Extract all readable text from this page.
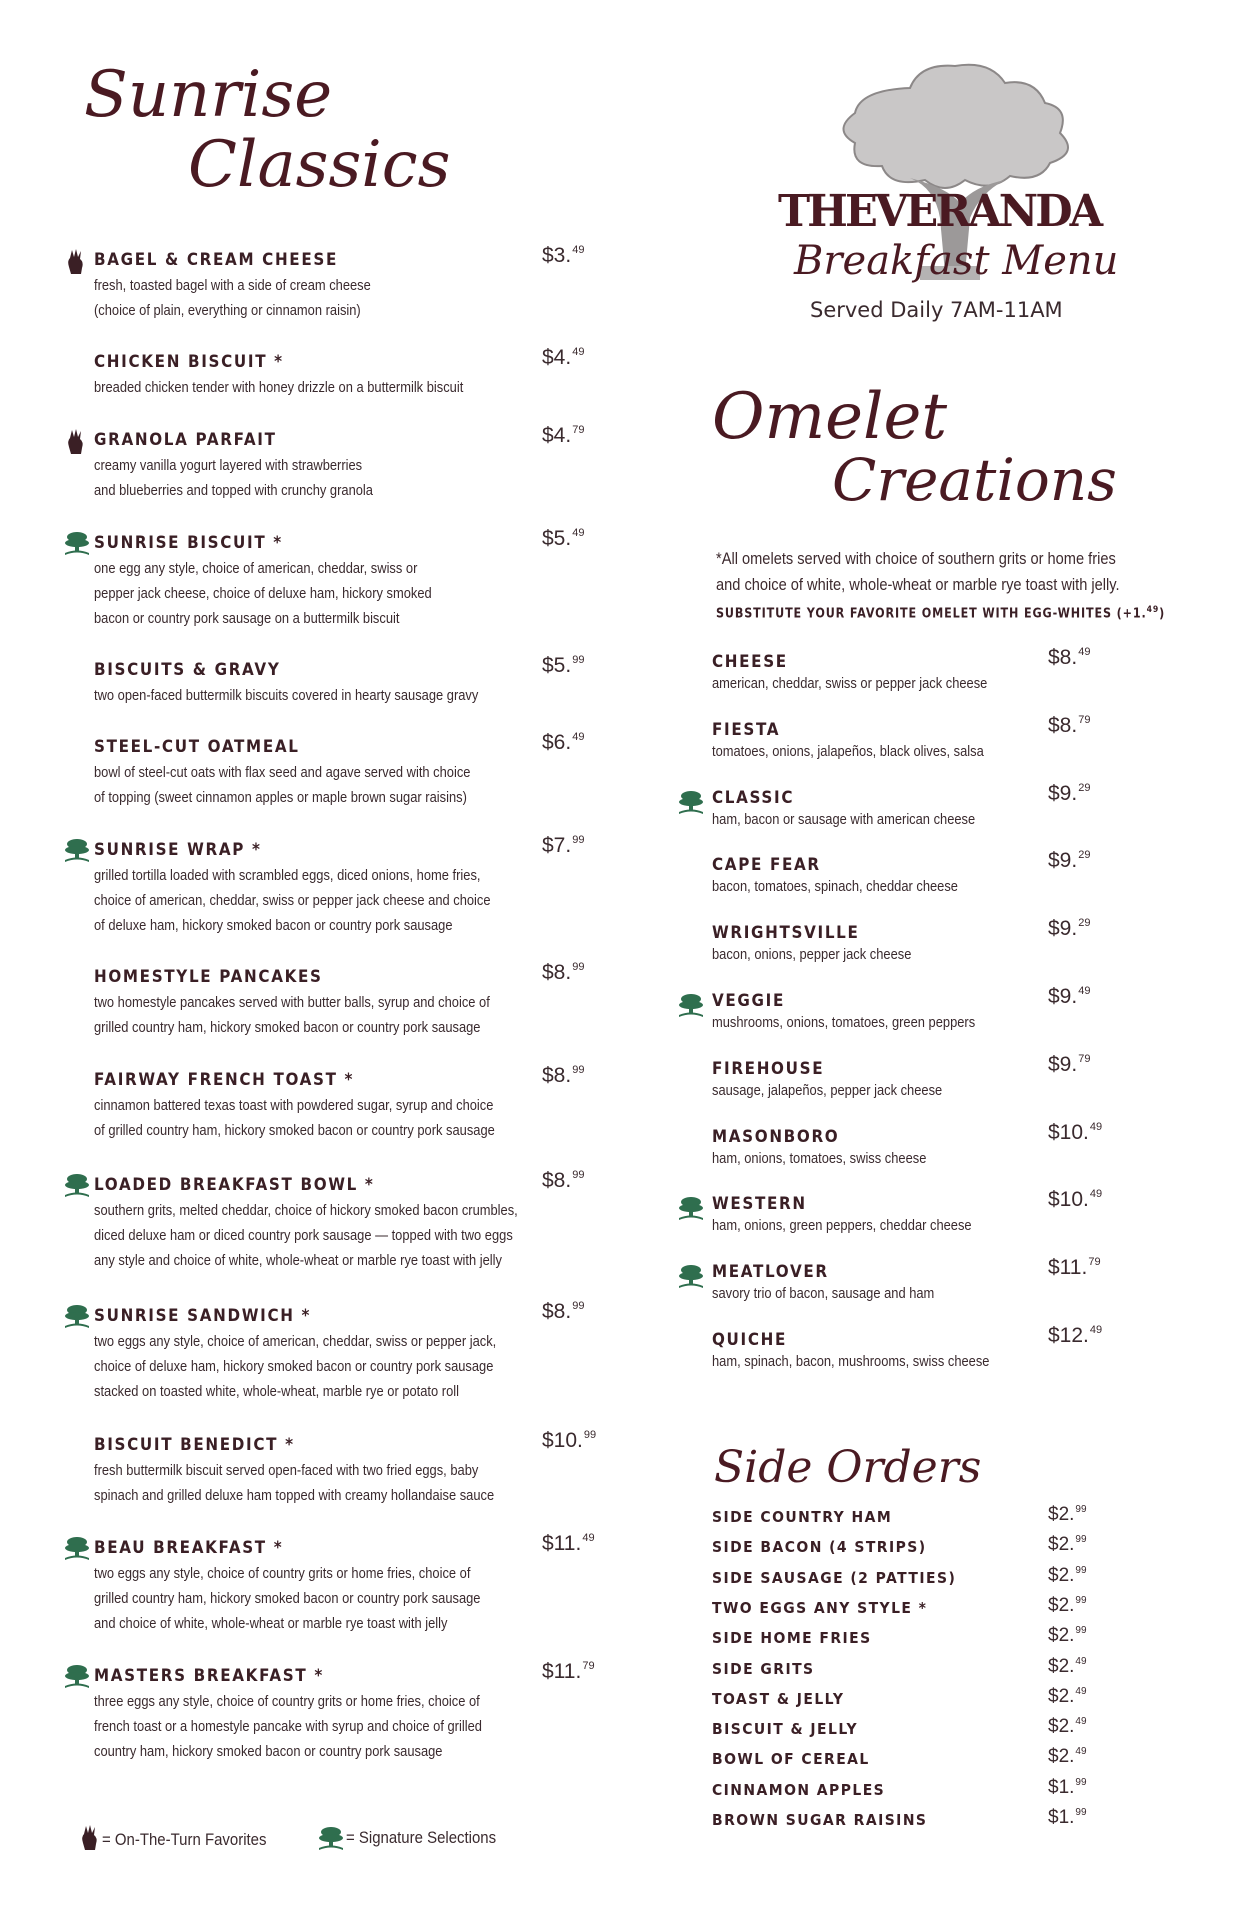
Sunrise
Classics
BAGEL & CREAM CHEESE
fresh, toasted bagel with a side of cream cheese
(choice of plain, everything or cinnamon raisin)
$3.49
CHICKEN BISCUIT *
breaded chicken tender with honey drizzle on a buttermilk biscuit
$4.49
GRANOLA PARFAIT
creamy vanilla yogurt layered with strawberries
and blueberries and topped with crunchy granola
$4.79
SUNRISE BISCUIT *
one egg any style, choice of american, cheddar, swiss or
pepper jack cheese, choice of deluxe ham, hickory smoked
bacon or country pork sausage on a buttermilk biscuit
$5.49
BISCUITS & GRAVY
two open-faced buttermilk biscuits covered in hearty sausage gravy
$5.99
STEEL-CUT OATMEAL
bowl of steel-cut oats with flax seed and agave served with choice
of topping (sweet cinnamon apples or maple brown sugar raisins)
$6.49
SUNRISE WRAP *
grilled tortilla loaded with scrambled eggs, diced onions, home fries,
choice of american, cheddar, swiss or pepper jack cheese and choice
of deluxe ham, hickory smoked bacon or country pork sausage
$7.99
HOMESTYLE PANCAKES
two homestyle pancakes served with butter balls, syrup and choice of
grilled country ham, hickory smoked bacon or country pork sausage
$8.99
FAIRWAY FRENCH TOAST *
cinnamon battered texas toast with powdered sugar, syrup and choice
of grilled country ham, hickory smoked bacon or country pork sausage
$8.99
LOADED BREAKFAST BOWL *
southern grits, melted cheddar, choice of hickory smoked bacon crumbles,
diced deluxe ham or diced country pork sausage — topped with two eggs
any style and choice of white, whole-wheat or marble rye toast with jelly
$8.99
SUNRISE SANDWICH *
two eggs any style, choice of american, cheddar, swiss or pepper jack,
choice of deluxe ham, hickory smoked bacon or country pork sausage
stacked on toasted white, whole-wheat, marble rye or potato roll
$8.99
BISCUIT BENEDICT *
fresh buttermilk biscuit served open-faced with two fried eggs, baby
spinach and grilled deluxe ham topped with creamy hollandaise sauce
$10.99
BEAU BREAKFAST *
two eggs any style, choice of country grits or home fries, choice of
grilled country ham, hickory smoked bacon or country pork sausage
and choice of white, whole-wheat or marble rye toast with jelly
$11.49
MASTERS BREAKFAST *
three eggs any style, choice of country grits or home fries, choice of
french toast or a homestyle pancake with syrup and choice of grilled
country ham, hickory smoked bacon or country pork sausage
$11.79
= On-The-Turn Favorites	= Signature Selections
THEVERANDA
Breakfast Menu
Served Daily 7AM-11AM
Omelet
Creations
*All omelets served with choice of southern grits or home fries
and choice of white, whole-wheat or marble rye toast with jelly.
SUBSTITUTE YOUR FAVORITE OMELET WITH EGG-WHITES (+1.49)
CHEESE
american, cheddar, swiss or pepper jack cheese
$8.49
FIESTA
tomatoes, onions, jalapeños, black olives, salsa
$8.79
CLASSIC
ham, bacon or sausage with american cheese
$9.29
CAPE FEAR
bacon, tomatoes, spinach, cheddar cheese
$9.29
WRIGHTSVILLE
bacon, onions, pepper jack cheese
$9.29
VEGGIE
mushrooms, onions, tomatoes, green peppers
$9.49
FIREHOUSE
sausage, jalapeños, pepper jack cheese
$9.79
MASONBORO
ham, onions, tomatoes, swiss cheese
$10.49
WESTERN
ham, onions, green peppers, cheddar cheese
$10.49
MEATLOVER
savory trio of bacon, sausage and ham
$11.79
QUICHE
ham, spinach, bacon, mushrooms, swiss cheese
$12.49
Side Orders
SIDE COUNTRY HAM	$2.99
SIDE BACON (4 STRIPS)	$2.99
SIDE SAUSAGE (2 PATTIES)	$2.99
TWO EGGS ANY STYLE *	$2.99
SIDE HOME FRIES	$2.99
SIDE GRITS	$2.49
TOAST & JELLY	$2.49
BISCUIT & JELLY	$2.49
BOWL OF CEREAL	$2.49
CINNAMON APPLES	$1.99
BROWN SUGAR RAISINS	$1.99
